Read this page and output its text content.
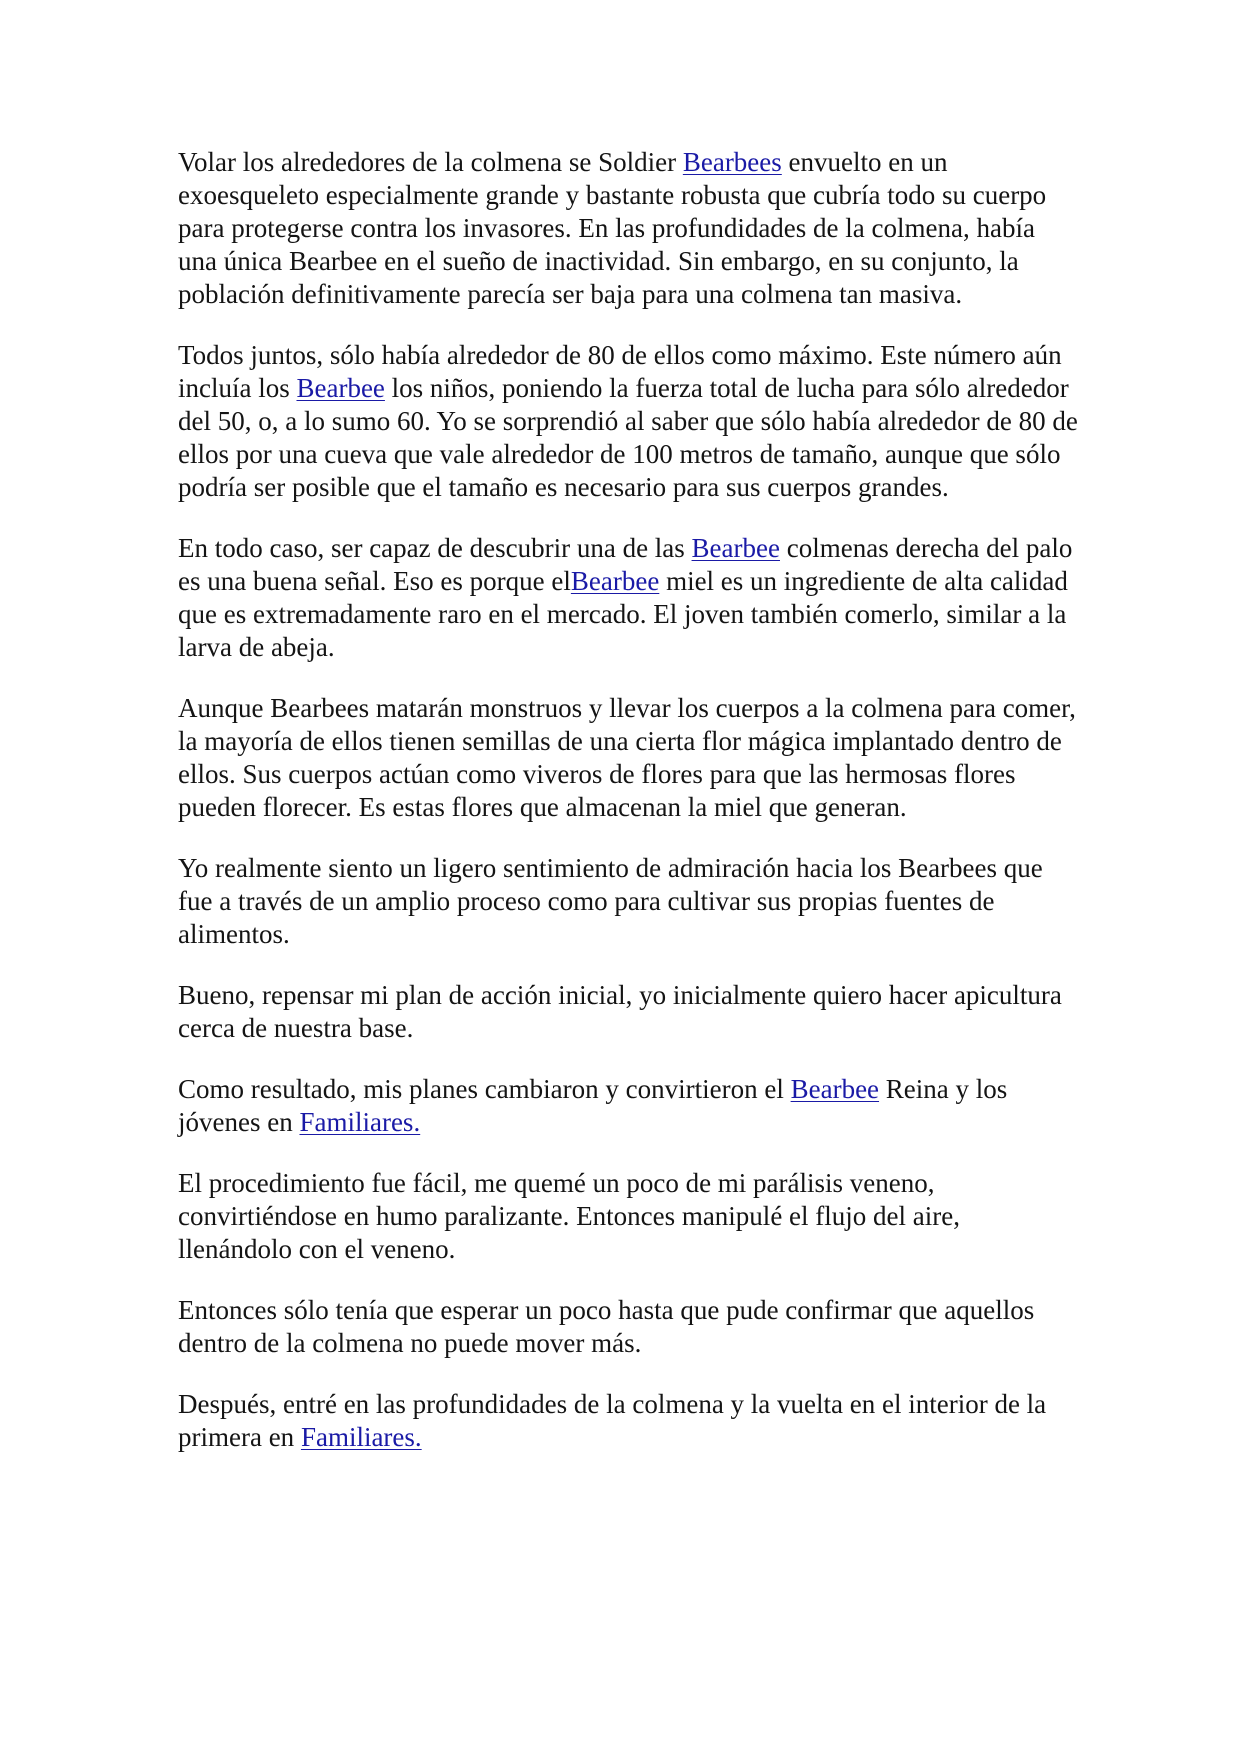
Volar los alrededores de la colmena se Soldier Bearbees envuelto en un exoesqueleto especialmente grande y bastante robusta que cubría todo su cuerpo para protegerse contra los invasores. En las profundidades de la colmena, había una única Bearbee en el sueño de inactividad. Sin embargo, en su conjunto, la población definitivamente parecía ser baja para una colmena tan masiva.

Todos juntos, sólo había alrededor de 80 de ellos como máximo. Este número aún incluía los Bearbee los niños, poniendo la fuerza total de lucha para sólo alrededor del 50, o, a lo sumo 60. Yo se sorprendió al saber que sólo había alrededor de 80 de ellos por una cueva que vale alrededor de 100 metros de tamaño, aunque que sólo podría ser posible que el tamaño es necesario para sus cuerpos grandes.

En todo caso, ser capaz de descubrir una de las Bearbee colmenas derecha del palo es una buena señal. Eso es porque elBearbee miel es un ingrediente de alta calidad que es extremadamente raro en el mercado. El joven también comerlo, similar a la larva de abeja.

Aunque Bearbees matarán monstruos y llevar los cuerpos a la colmena para comer, la mayoría de ellos tienen semillas de una cierta flor mágica implantado dentro de ellos. Sus cuerpos actúan como viveros de flores para que las hermosas flores pueden florecer. Es estas flores que almacenan la miel que generan.

Yo realmente siento un ligero sentimiento de admiración hacia los Bearbees que fue a través de un amplio proceso como para cultivar sus propias fuentes de alimentos.

Bueno, repensar mi plan de acción inicial, yo inicialmente quiero hacer apicultura cerca de nuestra base.

Como resultado, mis planes cambiaron y convirtieron el Bearbee Reina y los jóvenes en Familiares.

El procedimiento fue fácil, me quemé un poco de mi parálisis veneno, convirtiéndose en humo paralizante. Entonces manipulé el flujo del aire, llenándolo con el veneno.

Entonces sólo tenía que esperar un poco hasta que pude confirmar que aquellos dentro de la colmena no puede mover más.

Después, entré en las profundidades de la colmena y la vuelta en el interior de la primera en Familiares.
